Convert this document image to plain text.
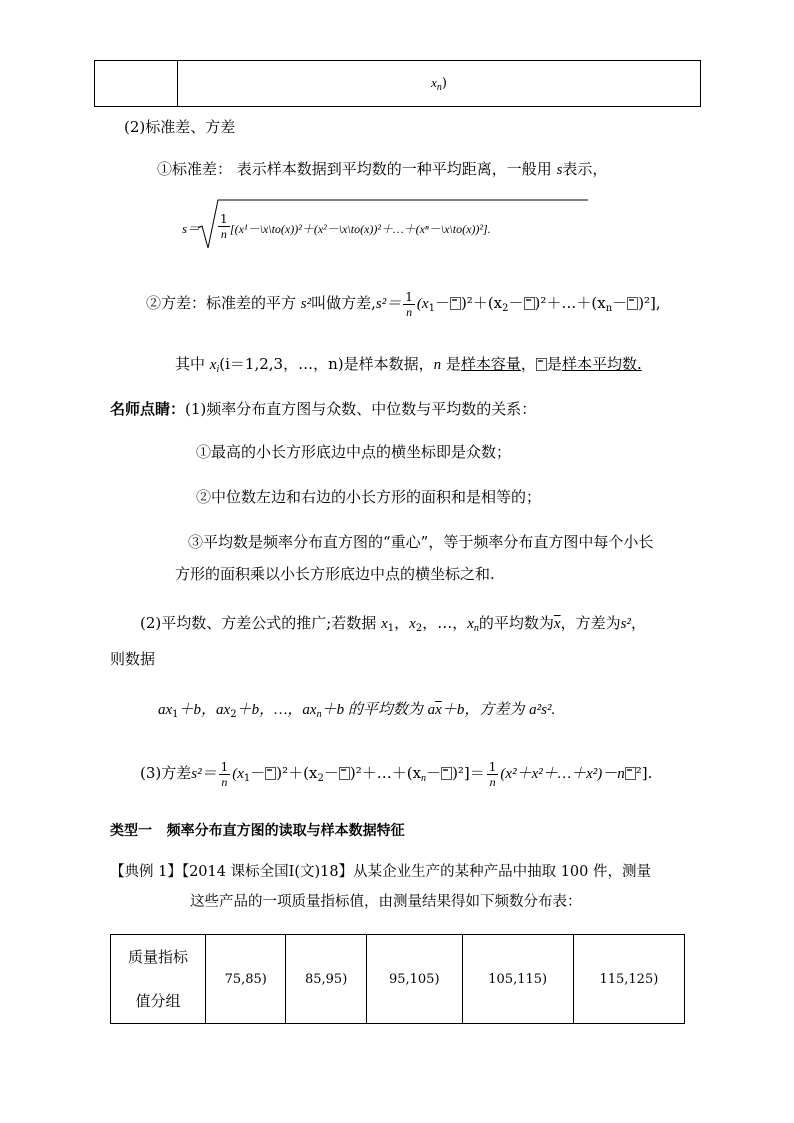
	$x_n$)
(2)标准差、方差
①标准差： 表示样本数据到平均数的一种平均距离，一般用 s表示，
$s= \frac{1}{n}$ [(x¹－\x\to(x))²＋(x²－\x\to(x))²＋…＋(xⁿ－\x\to(x))²].
②方差：标准差的平方 s²叫做方差$,s^2= \frac{1}{n} (x_1- )^2+(x_2-$ )$^2+\dots+(x_n- )^2$],
其中 $x_i(i=1,2,3$，…，n)是样本数据，n 是样本容量， 是样本平均数.
名师点睛：(1)频率分布直方图与众数、中位数与平均数的关系：
①最高的小长方形底边中点的横坐标即是众数；
②中位数左边和右边的小长方形的面积和是相等的；
③平均数是频率分布直方图的“重心”，等于频率分布直方图中每个小长
方形的面积乘以小长方形底边中点的横坐标之和.
(2)平均数、方差公式的推广;若数据 $x_1$，$x_2$，…，$x_n$的平均数为$\overline{x}$，方差为s²，
则数据
$ax_1+b$，$ax_2+b$，…，$ax_n+b$ 的平均数为 $a\overline{x}+b$，方差为 a²s².
(3)方差$s^2= \frac{1}{n} (x_1- )^2+(x_2-$ )$^2+\dots+(x_n- )^2]= \frac{1}{n}$ (x²＋x²＋…＋x²)－n ²].
类型一 频率分布直方图的读取与样本数据特征
【典例 1】【2014 课标全国Ⅰ(文)18】从某企业生产的某种产品中抽取 100 件，测量
这些产品的一项质量指标值，由测量结果得如下频数分布表：
质量指标
值分组
	75,85)	85,95)	95,105)	105,115)	115,125)
